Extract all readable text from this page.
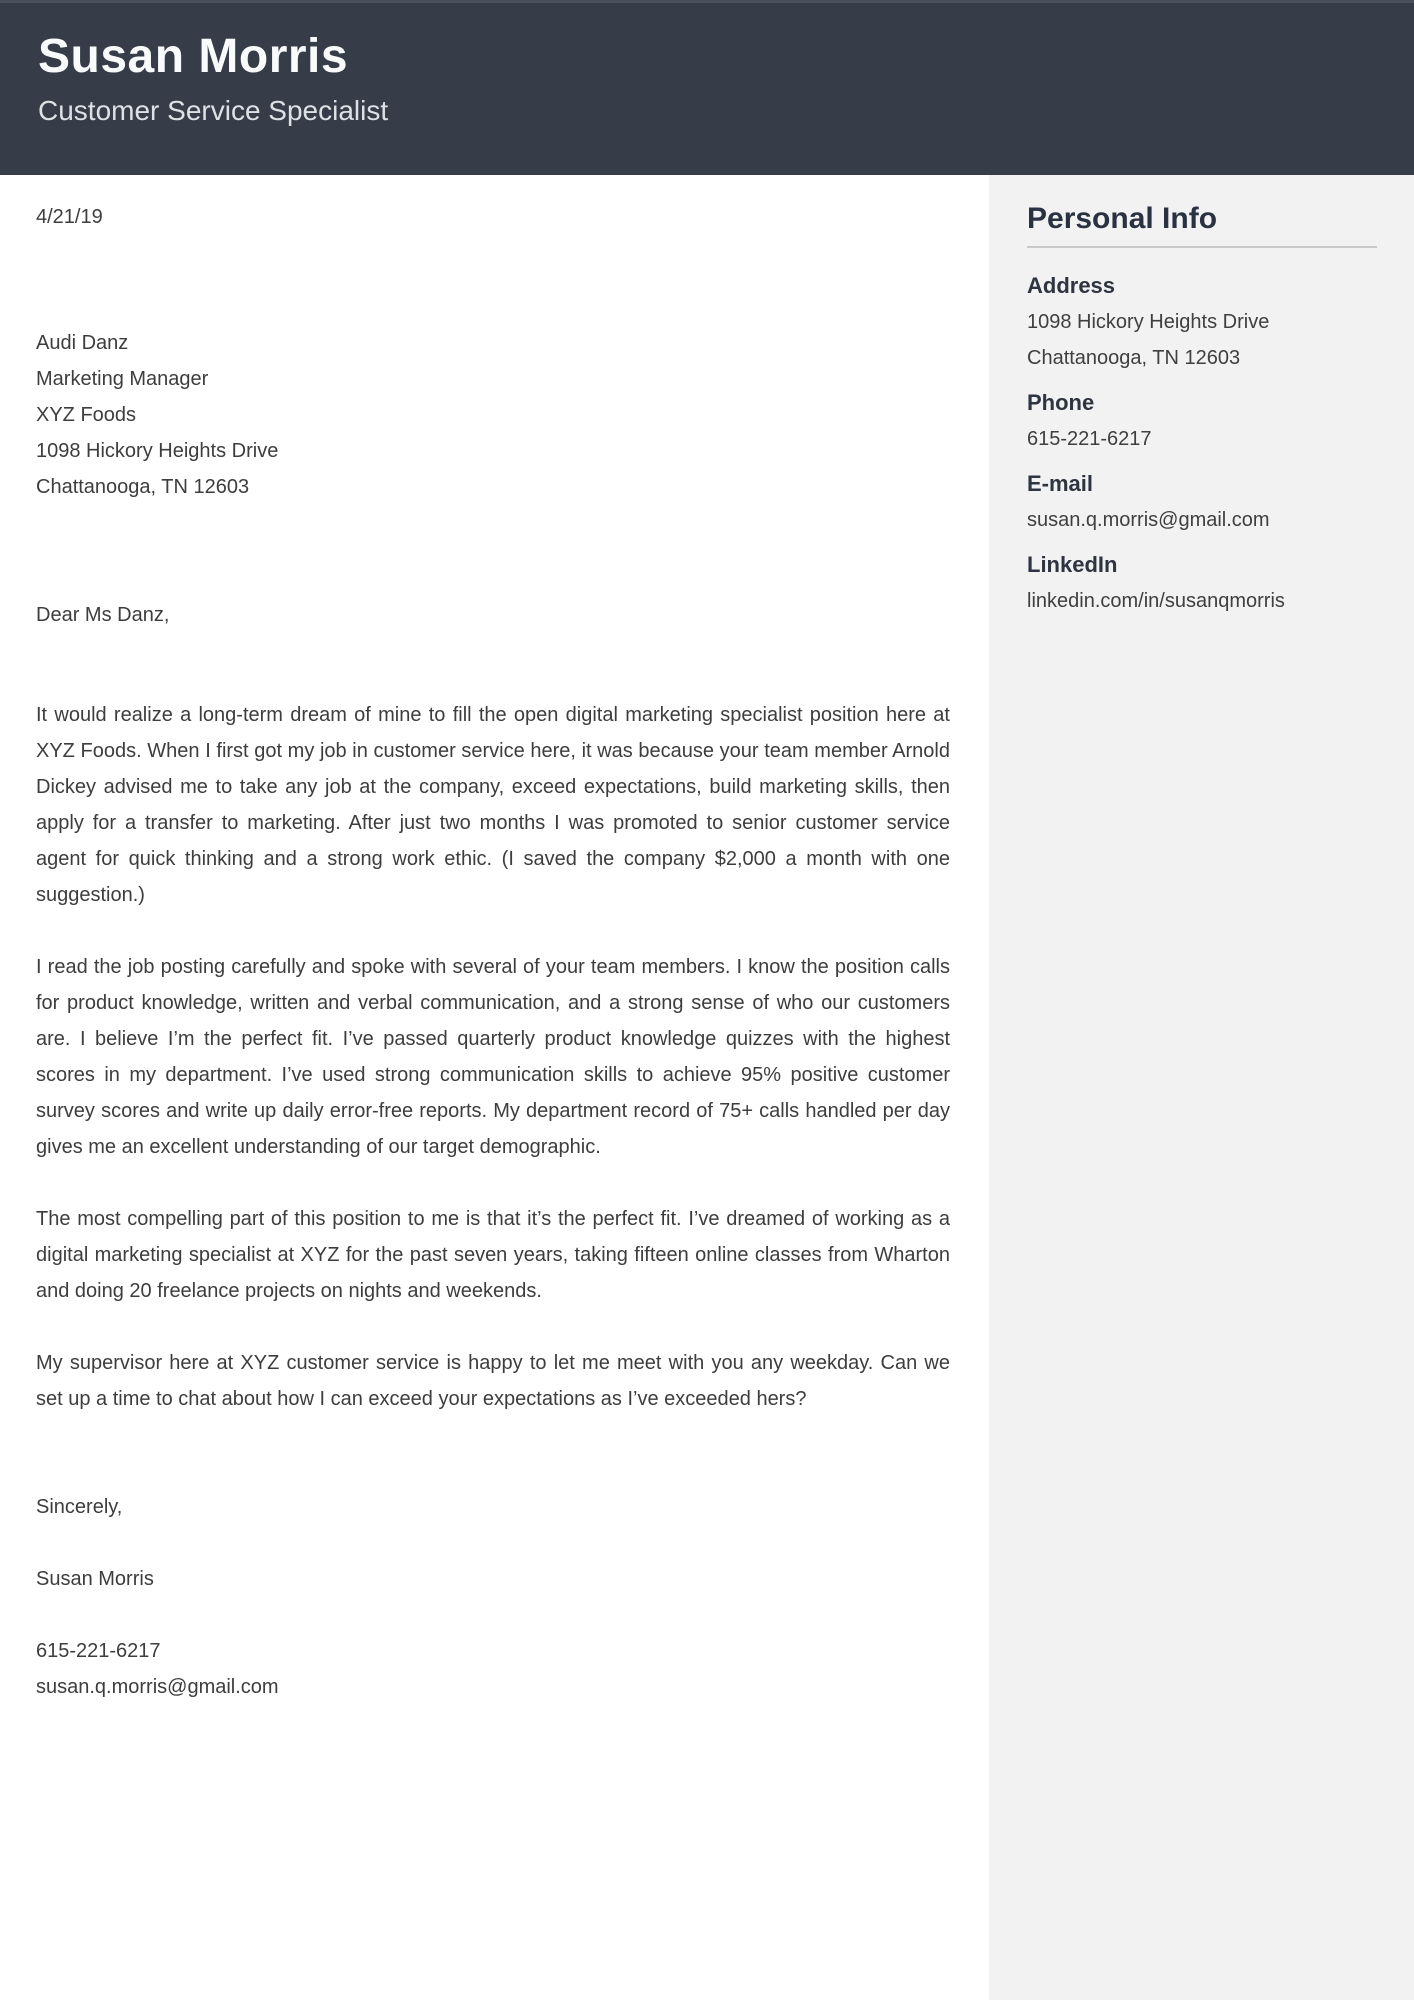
Susan Morris
Customer Service Specialist
4/21/19
Audi Danz
Marketing Manager
XYZ Foods
1098 Hickory Heights Drive
Chattanooga, TN 12603
Dear Ms Danz,

It would realize a long-term dream of mine to fill the open digital marketing specialist position here at XYZ Foods. When I first got my job in customer service here, it was because your team member Arnold Dickey advised me to take any job at the company, exceed expectations, build marketing skills, then apply for a transfer to marketing. After just two months I was promoted to senior customer service agent for quick thinking and a strong work ethic. (I saved the company $2,000 a month with one suggestion.)

I read the job posting carefully and spoke with several of your team members. I know the position calls for product knowledge, written and verbal communication, and a strong sense of who our customers are. I believe I’m the perfect fit. I’ve passed quarterly product knowledge quizzes with the highest scores in my department. I’ve used strong communication skills to achieve 95% positive customer survey scores and write up daily error-free reports. My department record of 75+ calls handled per day gives me an excellent understanding of our target demographic.

The most compelling part of this position to me is that it’s the perfect fit. I’ve dreamed of working as a digital marketing specialist at XYZ for the past seven years, taking fifteen online classes from Wharton and doing 20 freelance projects on nights and weekends.

My supervisor here at XYZ customer service is happy to let me meet with you any weekday. Can we set up a time to chat about how I can exceed your expectations as I’ve exceeded hers?

Sincerely,
Susan Morris
615-221-6217
susan.q.morris@gmail.com
Personal Info
Address
1098 Hickory Heights Drive
Chattanooga, TN 12603
Phone
615-221-6217
E-mail
susan.q.morris@gmail.com
LinkedIn
linkedin.com/in/susanqmorris
